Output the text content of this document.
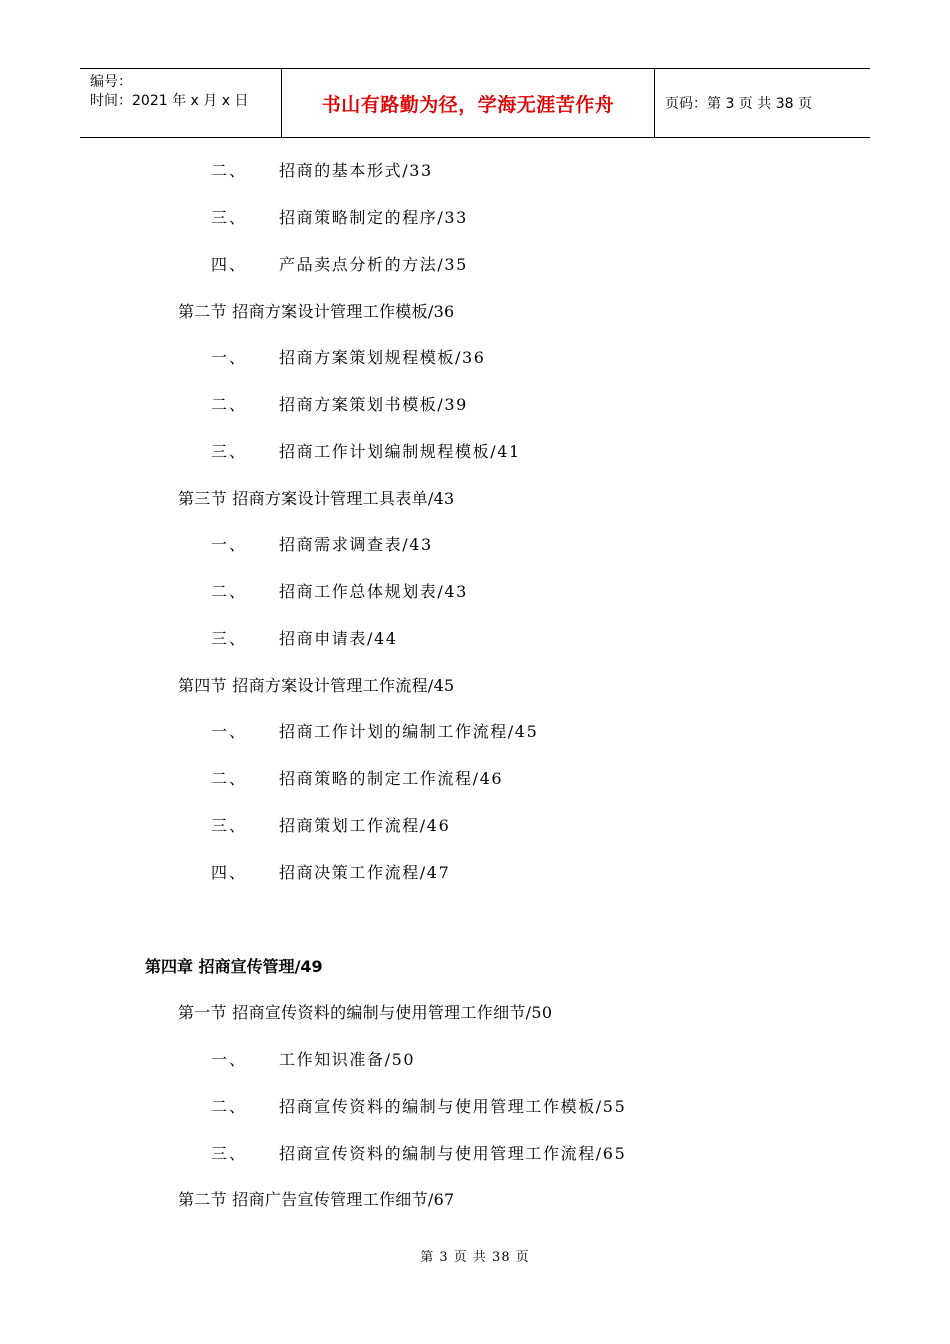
编号：
时间：2021 年 x 月 x 日	书山有路勤为径，学海无涯苦作舟	页码：第 3 页 共 38 页
二、 招商的基本形式/33
三、 招商策略制定的程序/33
四、 产品卖点分析的方法/35
第二节 招商方案设计管理工作模板/36
一、 招商方案策划规程模板/36
二、 招商方案策划书模板/39
三、 招商工作计划编制规程模板/41
第三节 招商方案设计管理工具表单/43
一、 招商需求调查表/43
二、 招商工作总体规划表/43
三、 招商申请表/44
第四节 招商方案设计管理工作流程/45
一、 招商工作计划的编制工作流程/45
二、 招商策略的制定工作流程/46
三、 招商策划工作流程/46
四、 招商决策工作流程/47
第四章 招商宣传管理/49
第一节 招商宣传资料的编制与使用管理工作细节/50
一、 工作知识准备/50
二、 招商宣传资料的编制与使用管理工作模板/55
三、 招商宣传资料的编制与使用管理工作流程/65
第二节 招商广告宣传管理工作细节/67
第 3 页 共 38 页
